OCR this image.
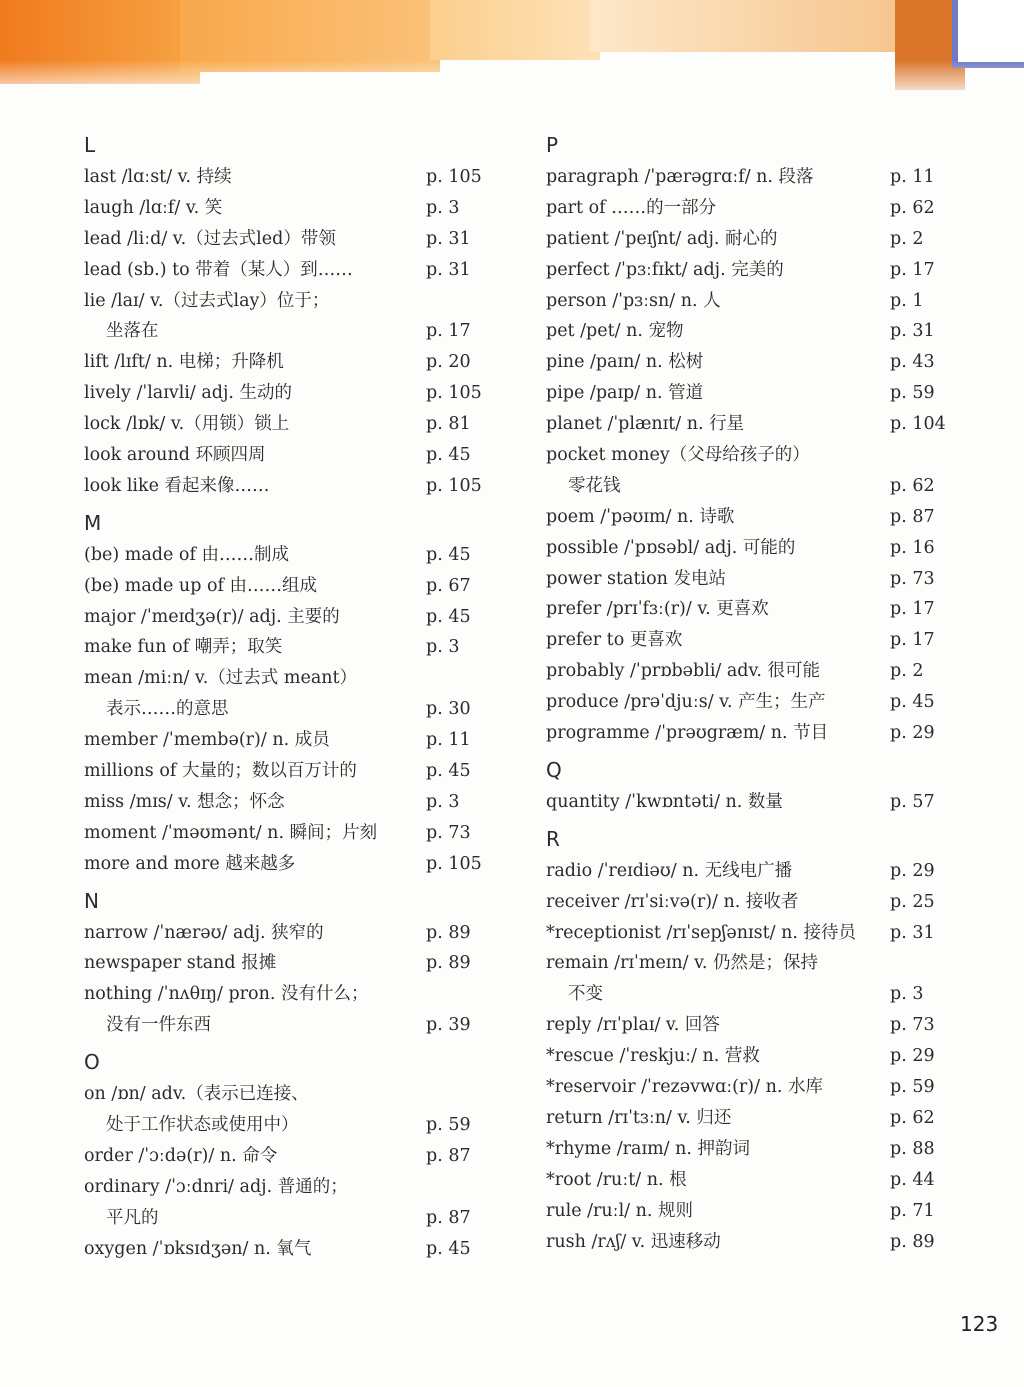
L
last /lɑːst/ v. 持续	p. 105
laugh /lɑːf/ v. 笑	p. 3
lead /liːd/ v.（过去式led）带领	p. 31
lead (sb.) to 带着（某人）到……	p. 31
lie /laɪ/ v.（过去式lay）位于；
坐落在	p. 17
lift /lɪft/ n. 电梯；升降机	p. 20
lively /ˈlaɪvli/ adj. 生动的	p. 105
lock /lɒk/ v.（用锁）锁上	p. 81
look around 环顾四周	p. 45
look like 看起来像……	p. 105
M
(be) made of 由……制成	p. 45
(be) made up of 由……组成	p. 67
major /ˈmeɪdʒə(r)/ adj. 主要的	p. 45
make fun of 嘲弄；取笑	p. 3
mean /miːn/ v.（过去式 meant）
表示……的意思	p. 30
member /ˈmembə(r)/ n. 成员	p. 11
millions of 大量的；数以百万计的	p. 45
miss /mɪs/ v. 想念；怀念	p. 3
moment /ˈməʊmənt/ n. 瞬间；片刻	p. 73
more and more 越来越多	p. 105
N
narrow /ˈnærəʊ/ adj. 狭窄的	p. 89
newspaper stand 报摊	p. 89
nothing /ˈnʌθɪŋ/ pron. 没有什么；
没有一件东西	p. 39
O
on /ɒn/ adv.（表示已连接、
处于工作状态或使用中）	p. 59
order /ˈɔːdə(r)/ n. 命令	p. 87
ordinary /ˈɔːdnri/ adj. 普通的；
平凡的	p. 87
oxygen /ˈɒksɪdʒən/ n. 氧气	p. 45
P
paragraph /ˈpærəgrɑːf/ n. 段落	p. 11
part of ……的一部分	p. 62
patient /ˈpeɪʃnt/ adj. 耐心的	p. 2
perfect /ˈpɜːfɪkt/ adj. 完美的	p. 17
person /ˈpɜːsn/ n. 人	p. 1
pet /pet/ n. 宠物	p. 31
pine /paɪn/ n. 松树	p. 43
pipe /paɪp/ n. 管道	p. 59
planet /ˈplænɪt/ n. 行星	p. 104
pocket money（父母给孩子的）
零花钱	p. 62
poem /ˈpəʊɪm/ n. 诗歌	p. 87
possible /ˈpɒsəbl/ adj. 可能的	p. 16
power station 发电站	p. 73
prefer /prɪˈfɜː(r)/ v. 更喜欢	p. 17
prefer to 更喜欢	p. 17
probably /ˈprɒbəbli/ adv. 很可能	p. 2
produce /prəˈdjuːs/ v. 产生；生产	p. 45
programme /ˈprəʊgræm/ n. 节目	p. 29
Q
quantity /ˈkwɒntəti/ n. 数量	p. 57
R
radio /ˈreɪdiəʊ/ n. 无线电广播	p. 29
receiver /rɪˈsiːvə(r)/ n. 接收者	p. 25
*receptionist /rɪˈsepʃənɪst/ n. 接待员 p. 31
remain /rɪˈmeɪn/ v. 仍然是；保持
不变	p. 3
reply /rɪˈplaɪ/ v. 回答	p. 73
*rescue /ˈreskjuː/ n. 营救	p. 29
*reservoir /ˈrezəvwɑː(r)/ n. 水库	p. 59
return /rɪˈtɜːn/ v. 归还	p. 62
*rhyme /raɪm/ n. 押韵词	p. 88
*root /ruːt/ n. 根	p. 44
rule /ruːl/ n. 规则	p. 71
rush /rʌʃ/ v. 迅速移动	p. 89
123
